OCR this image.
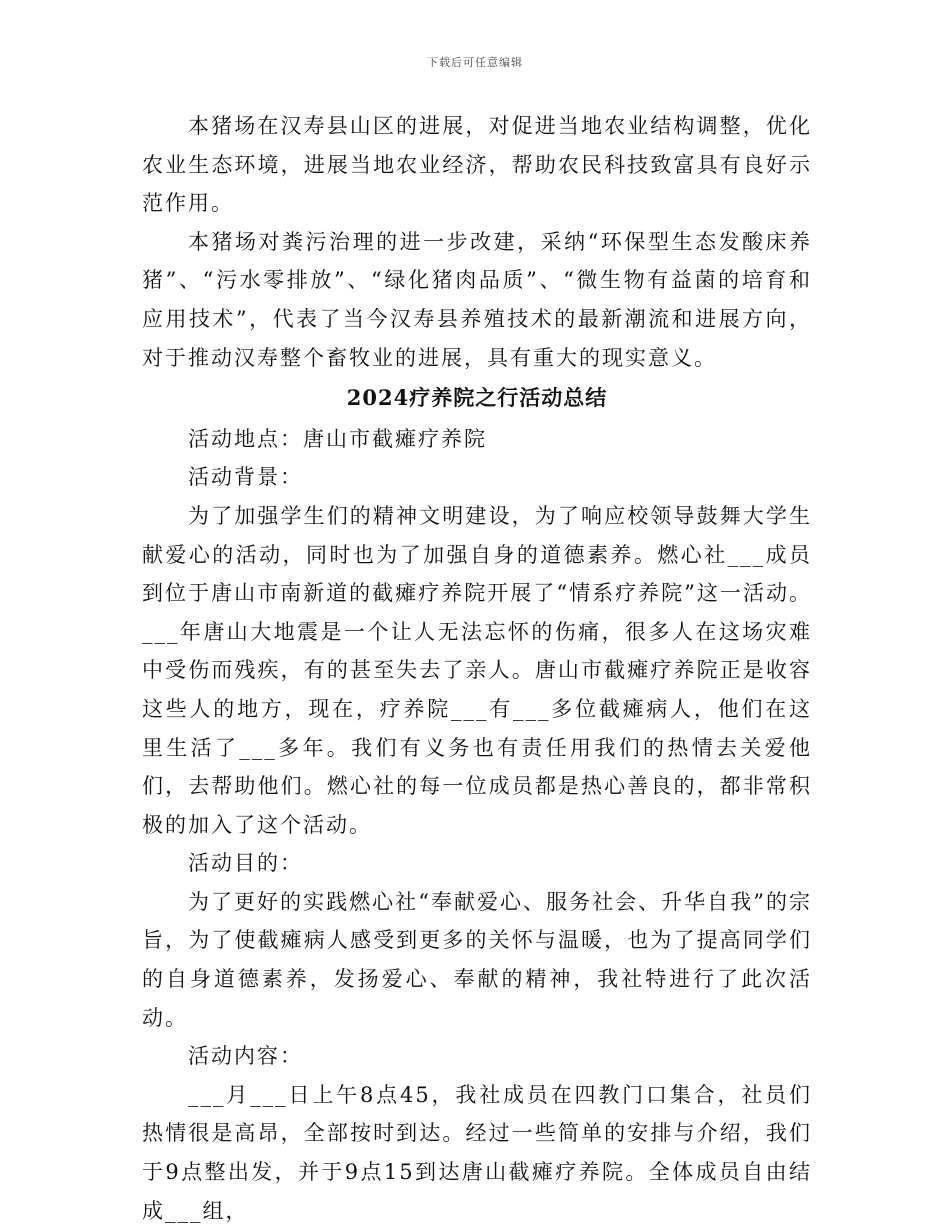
下载后可任意编辑

本猪场在汉寿县山区的进展，对促进当地农业结构调整，优化农业生态环境，进展当地农业经济，帮助农民科技致富具有良好示范作用。

本猪场对粪污治理的进一步改建，采纳“环保型生态发酸床养猪”、“污水零排放”、“绿化猪肉品质”、“微生物有益菌的培育和应用技术”，代表了当今汉寿县养殖技术的最新潮流和进展方向，对于推动汉寿整个畜牧业的进展，具有重大的现实意义。

2024疗养院之行活动总结

活动地点：唐山市截瘫疗养院

活动背景：

为了加强学生们的精神文明建设，为了响应校领导鼓舞大学生献爱心的活动，同时也为了加强自身的道德素养。燃心社___成员到位于唐山市南新道的截瘫疗养院开展了“情系疗养院”这一活动。___年唐山大地震是一个让人无法忘怀的伤痛，很多人在这场灾难中受伤而残疾，有的甚至失去了亲人。唐山市截瘫疗养院正是收容这些人的地方，现在，疗养院___有___多位截瘫病人，他们在这里生活了___多年。我们有义务也有责任用我们的热情去关爱他们，去帮助他们。燃心社的每一位成员都是热心善良的，都非常积极的加入了这个活动。

活动目的：

为了更好的实践燃心社“奉献爱心、服务社会、升华自我”的宗旨，为了使截瘫病人感受到更多的关怀与温暖，也为了提高同学们的自身道德素养，发扬爱心、奉献的精神，我社特进行了此次活动。

活动内容：

___月___日上午8点45，我社成员在四教门口集合，社员们热情很是高昂，全部按时到达。经过一些简单的安排与介绍，我们于9点整出发，并于9点15到达唐山截瘫疗养院。全体成员自由结成___组，
